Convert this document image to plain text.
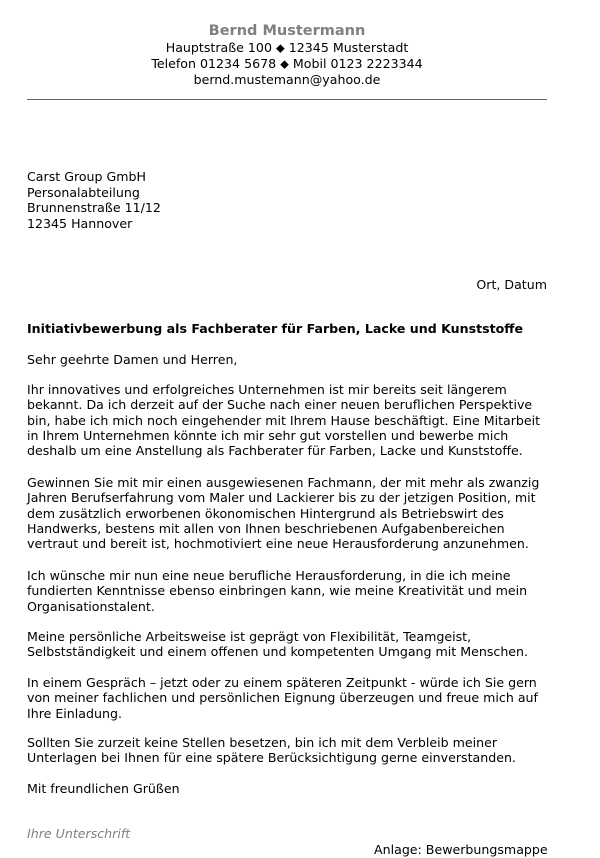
Bernd Mustermann
Hauptstraße 100 ⬥ 12345 Musterstadt
Telefon 01234 5678 ⬥ Mobil 0123 2223344
bernd.mustemann@yahoo.de
Carst Group GmbH
Personalabteilung
Brunnenstraße 11/12
12345 Hannover
Ort, Datum
Initiativbewerbung als Fachberater für Farben, Lacke und Kunststoffe
Sehr geehrte Damen und Herren,
Ihr innovatives und erfolgreiches Unternehmen ist mir bereits seit längerem
bekannt. Da ich derzeit auf der Suche nach einer neuen beruflichen Perspektive
bin, habe ich mich noch eingehender mit Ihrem Hause beschäftigt. Eine Mitarbeit
in Ihrem Unternehmen könnte ich mir sehr gut vorstellen und bewerbe mich
deshalb um eine Anstellung als Fachberater für Farben, Lacke und Kunststoffe.
Gewinnen Sie mit mir einen ausgewiesenen Fachmann, der mit mehr als zwanzig
Jahren Berufserfahrung vom Maler und Lackierer bis zu der jetzigen Position, mit
dem zusätzlich erworbenen ökonomischen Hintergrund als Betriebswirt des
Handwerks, bestens mit allen von Ihnen beschriebenen Aufgabenbereichen
vertraut und bereit ist, hochmotiviert eine neue Herausforderung anzunehmen.
Ich wünsche mir nun eine neue berufliche Herausforderung, in die ich meine
fundierten Kenntnisse ebenso einbringen kann, wie meine Kreativität und mein
Organisationstalent.
Meine persönliche Arbeitsweise ist geprägt von Flexibilität, Teamgeist,
Selbstständigkeit und einem offenen und kompetenten Umgang mit Menschen.
In einem Gespräch – jetzt oder zu einem späteren Zeitpunkt - würde ich Sie gern
von meiner fachlichen und persönlichen Eignung überzeugen und freue mich auf
Ihre Einladung.
Sollten Sie zurzeit keine Stellen besetzen, bin ich mit dem Verbleib meiner
Unterlagen bei Ihnen für eine spätere Berücksichtigung gerne einverstanden.
Mit freundlichen Grüßen
Ihre Unterschrift
Anlage: Bewerbungsmappe
